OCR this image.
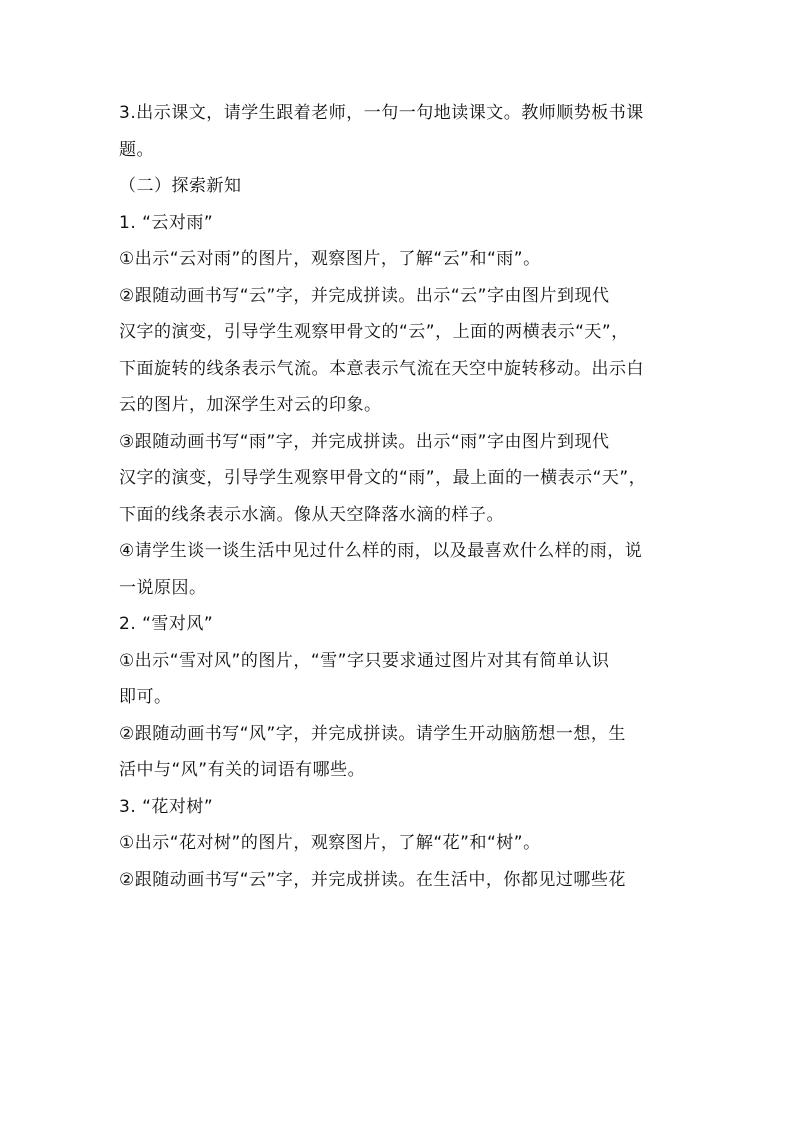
3.出示课文，请学生跟着老师，一句一句地读课文。教师顺势板书课

题。

（二）探索新知

1. “云对雨”

①出示“云对雨”的图片，观察图片，了解“云”和“雨”。

②跟随动画书写“云”字，并完成拼读。出示“云”字由图片到现代

汉字的演变，引导学生观察甲骨文的“云”，上面的两横表示“天”，

下面旋转的线条表示气流。本意表示气流在天空中旋转移动。出示白

云的图片，加深学生对云的印象。

③跟随动画书写“雨”字，并完成拼读。出示“雨”字由图片到现代

汉字的演变，引导学生观察甲骨文的“雨”，最上面的一横表示“天”，

下面的线条表示水滴。像从天空降落水滴的样子。

④请学生谈一谈生活中见过什么样的雨，以及最喜欢什么样的雨，说

一说原因。

2. “雪对风”

①出示“雪对风”的图片，“雪”字只要求通过图片对其有简单认识

即可。

②跟随动画书写“风”字，并完成拼读。请学生开动脑筋想一想，生

活中与“风”有关的词语有哪些。

3. “花对树”

①出示“花对树”的图片，观察图片，了解“花”和“树”。

②跟随动画书写“云”字，并完成拼读。在生活中，你都见过哪些花
